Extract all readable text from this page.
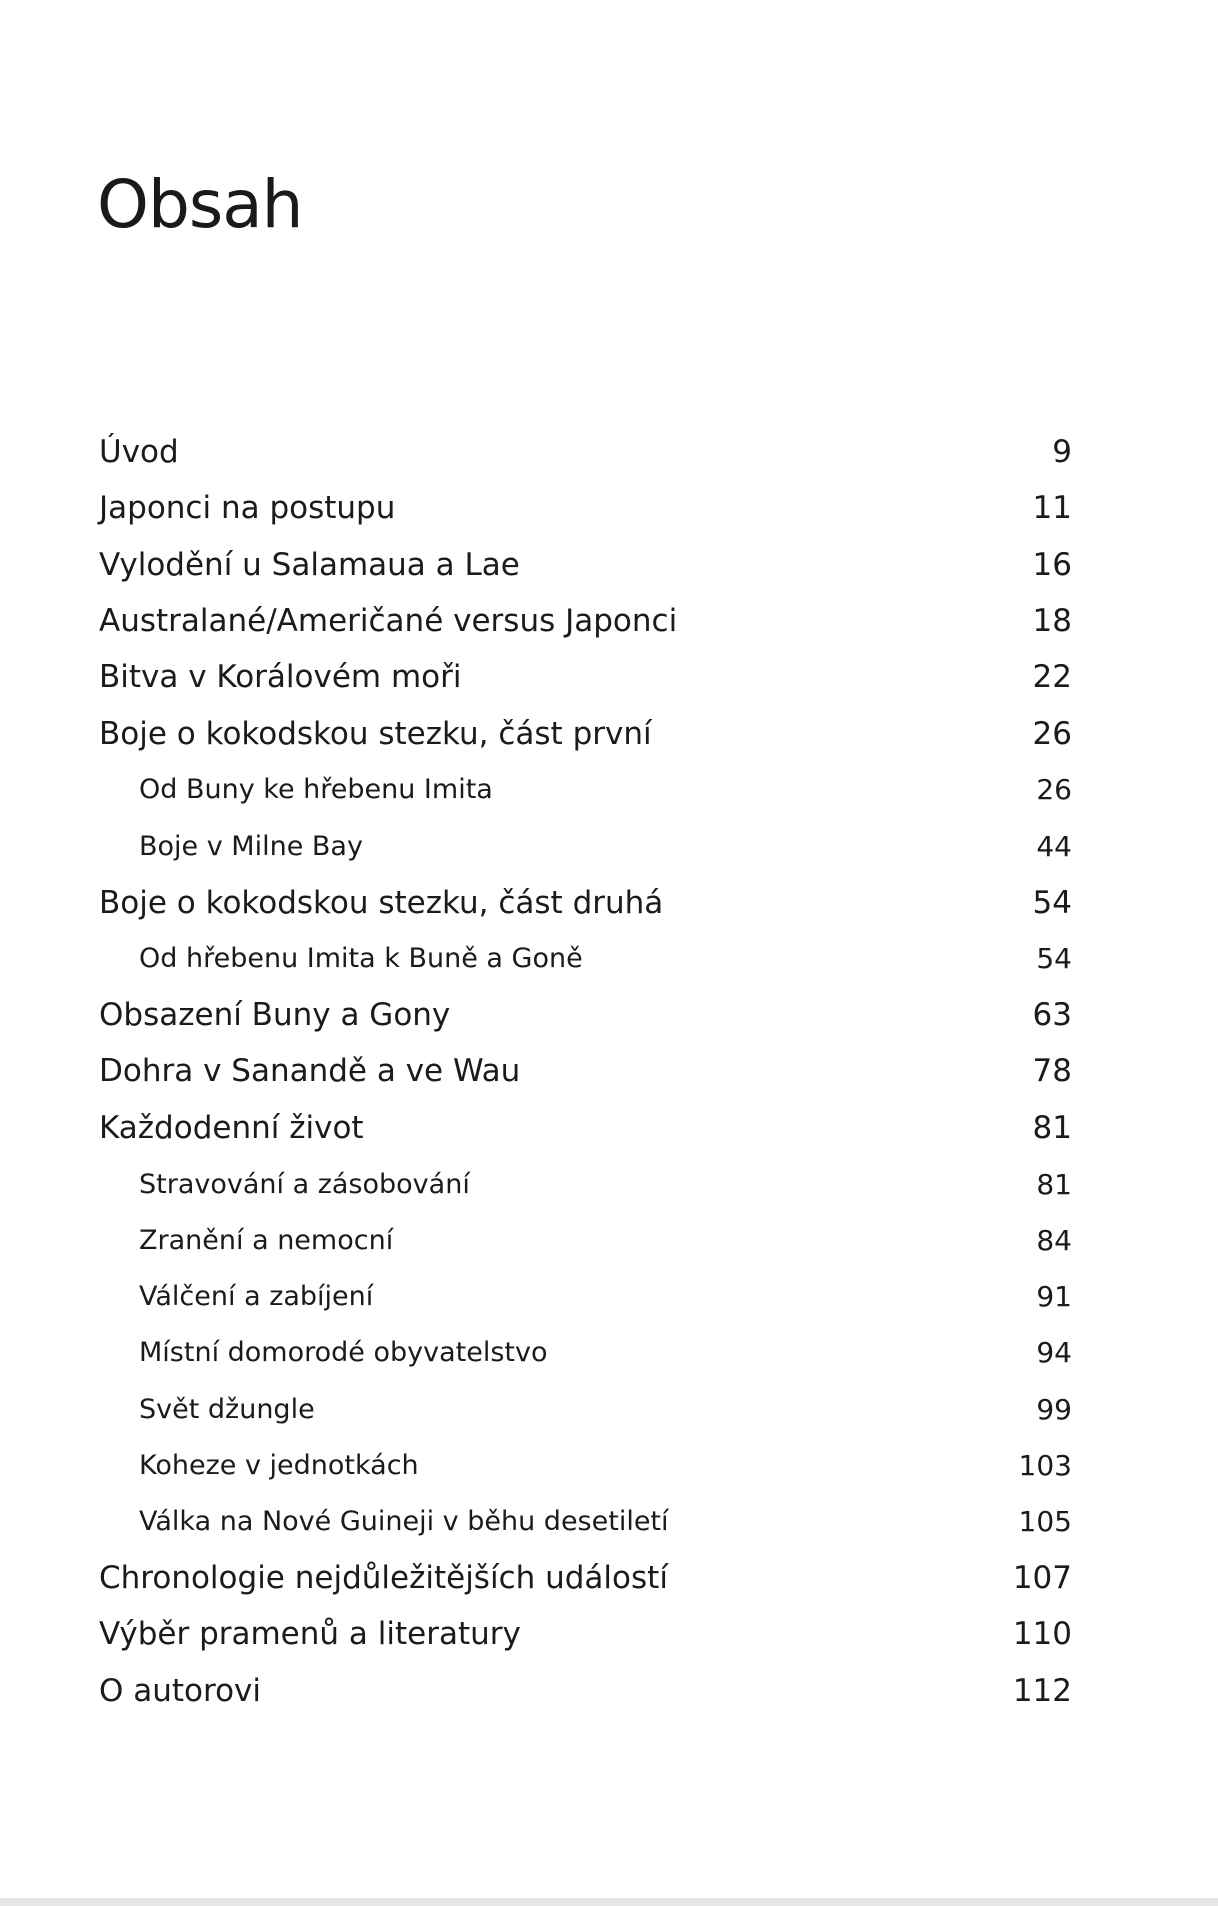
Obsah
Úvod	9
Japonci na postupu	11
Vylodění u Salamaua a Lae	16
Australané/Američané versus Japonci	18
Bitva v Korálovém moři	22
Boje o kokodskou stezku, část první	26
Od Buny ke hřebenu Imita	26
Boje v Milne Bay	44
Boje o kokodskou stezku, část druhá	54
Od hřebenu Imita k Buně a Goně	54
Obsazení Buny a Gony	63
Dohra v Sanandě a ve Wau	78
Každodenní život	81
Stravování a zásobování	81
Zranění a nemocní	84
Válčení a zabíjení	91
Místní domorodé obyvatelstvo	94
Svět džungle	99
Koheze v jednotkách	103
Válka na Nové Guineji v běhu desetiletí	105
Chronologie nejdůležitějších událostí	107
Výběr pramenů a literatury	110
O autorovi	112
